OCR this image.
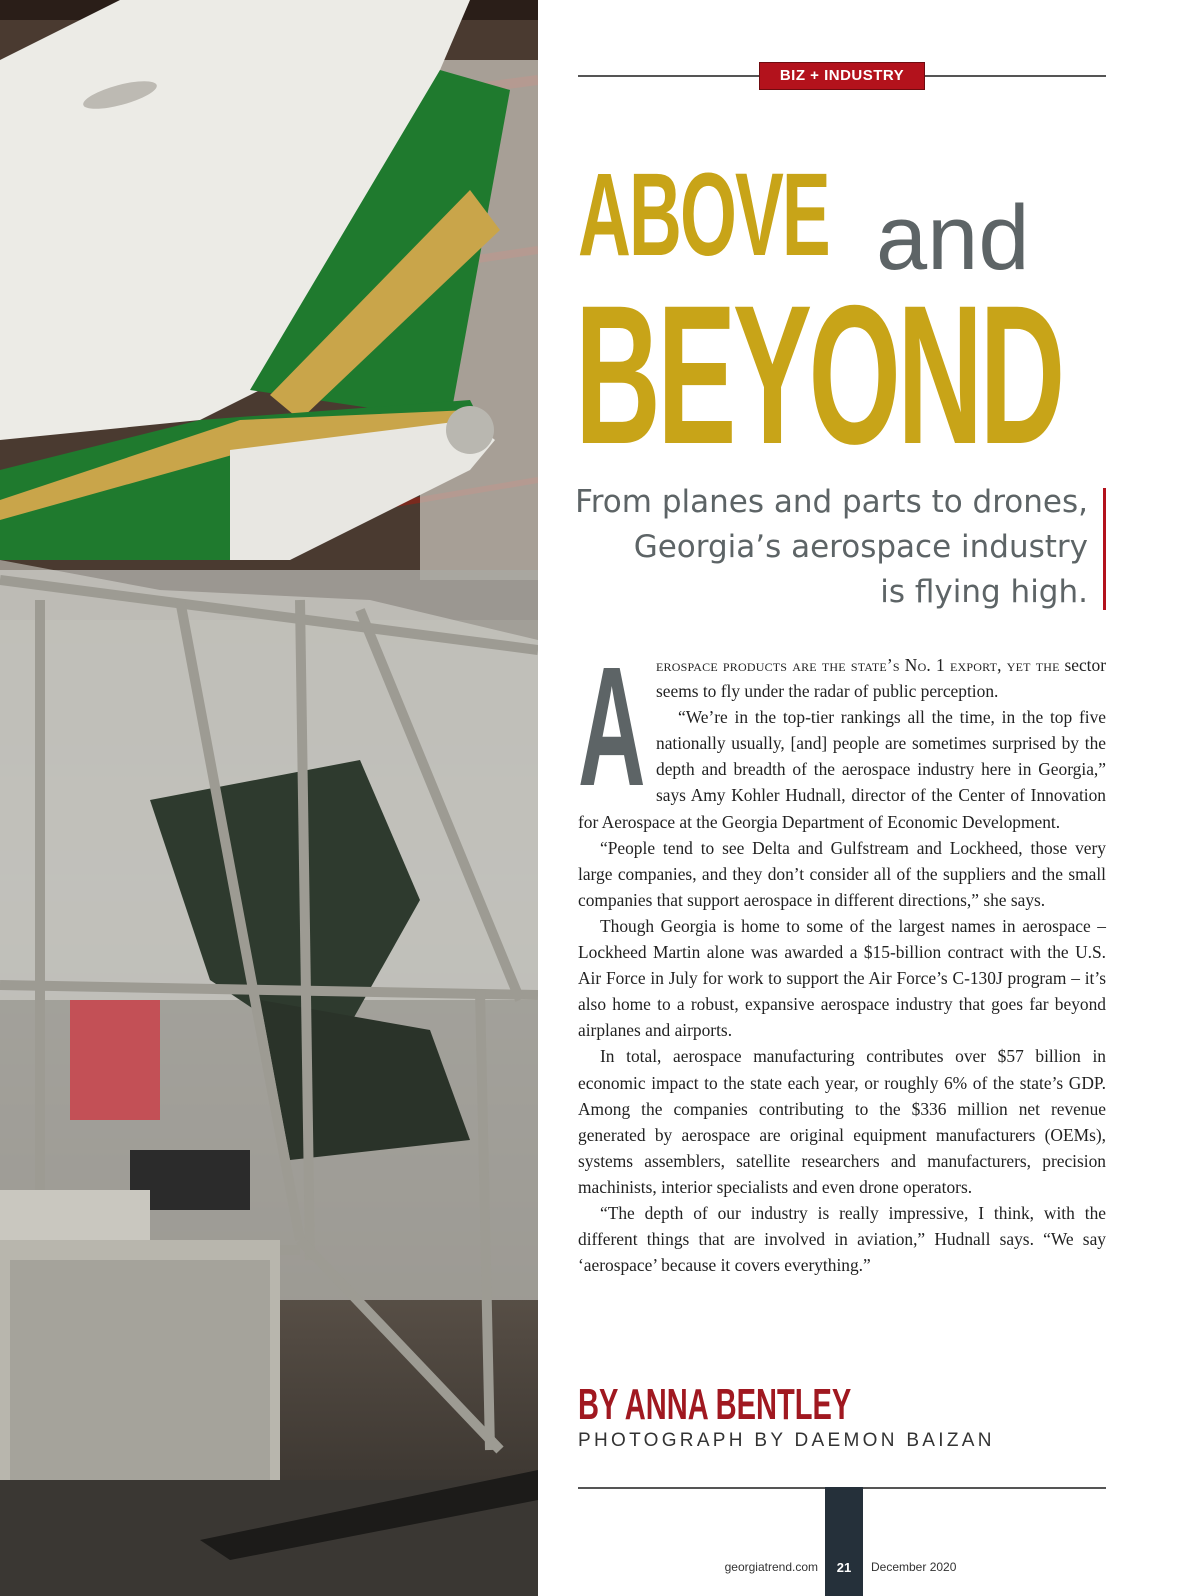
BIZ + INDUSTRY
ABOVE and
BEYOND
From planes and parts to drones,
Georgia’s aerospace industry
is flying high.
A erospace products are the state’s No. 1 export, yet the sector seems to fly under the radar of public perception.

“We’re in the top-tier rankings all the time, in the top five nationally usually, [and] people are sometimes surprised by the depth and breadth of the aerospace industry here in Georgia,” says Amy Kohler Hudnall, director of the Center of Innovation for Aerospace at the Georgia Department of Economic Development.

“People tend to see Delta and Gulfstream and Lockheed, those very large companies, and they don’t consider all of the suppliers and the small companies that support aerospace in different directions,” she says.

Though Georgia is home to some of the largest names in aerospace – Lockheed Martin alone was awarded a $15-billion contract with the U.S. Air Force in July for work to support the Air Force’s C-130J program – it’s also home to a robust, expansive aerospace industry that goes far beyond airplanes and airports.

In total, aerospace manufacturing contributes over $57 billion in economic impact to the state each year, or roughly 6% of the state’s GDP. Among the companies contributing to the $336 million net revenue generated by aerospace are original equipment manufacturers (OEMs), systems assemblers, satellite researchers and manufacturers, precision machinists, interior specialists and even drone operators.

“The depth of our industry is really impressive, I think, with the different things that are involved in aviation,” Hudnall says. “We say ‘aerospace’ because it covers everything.”

BY ANNA BENTLEY
PHOTOGRAPH BY DAEMON BAIZAN
georgiatrend.com	21	December 2020
